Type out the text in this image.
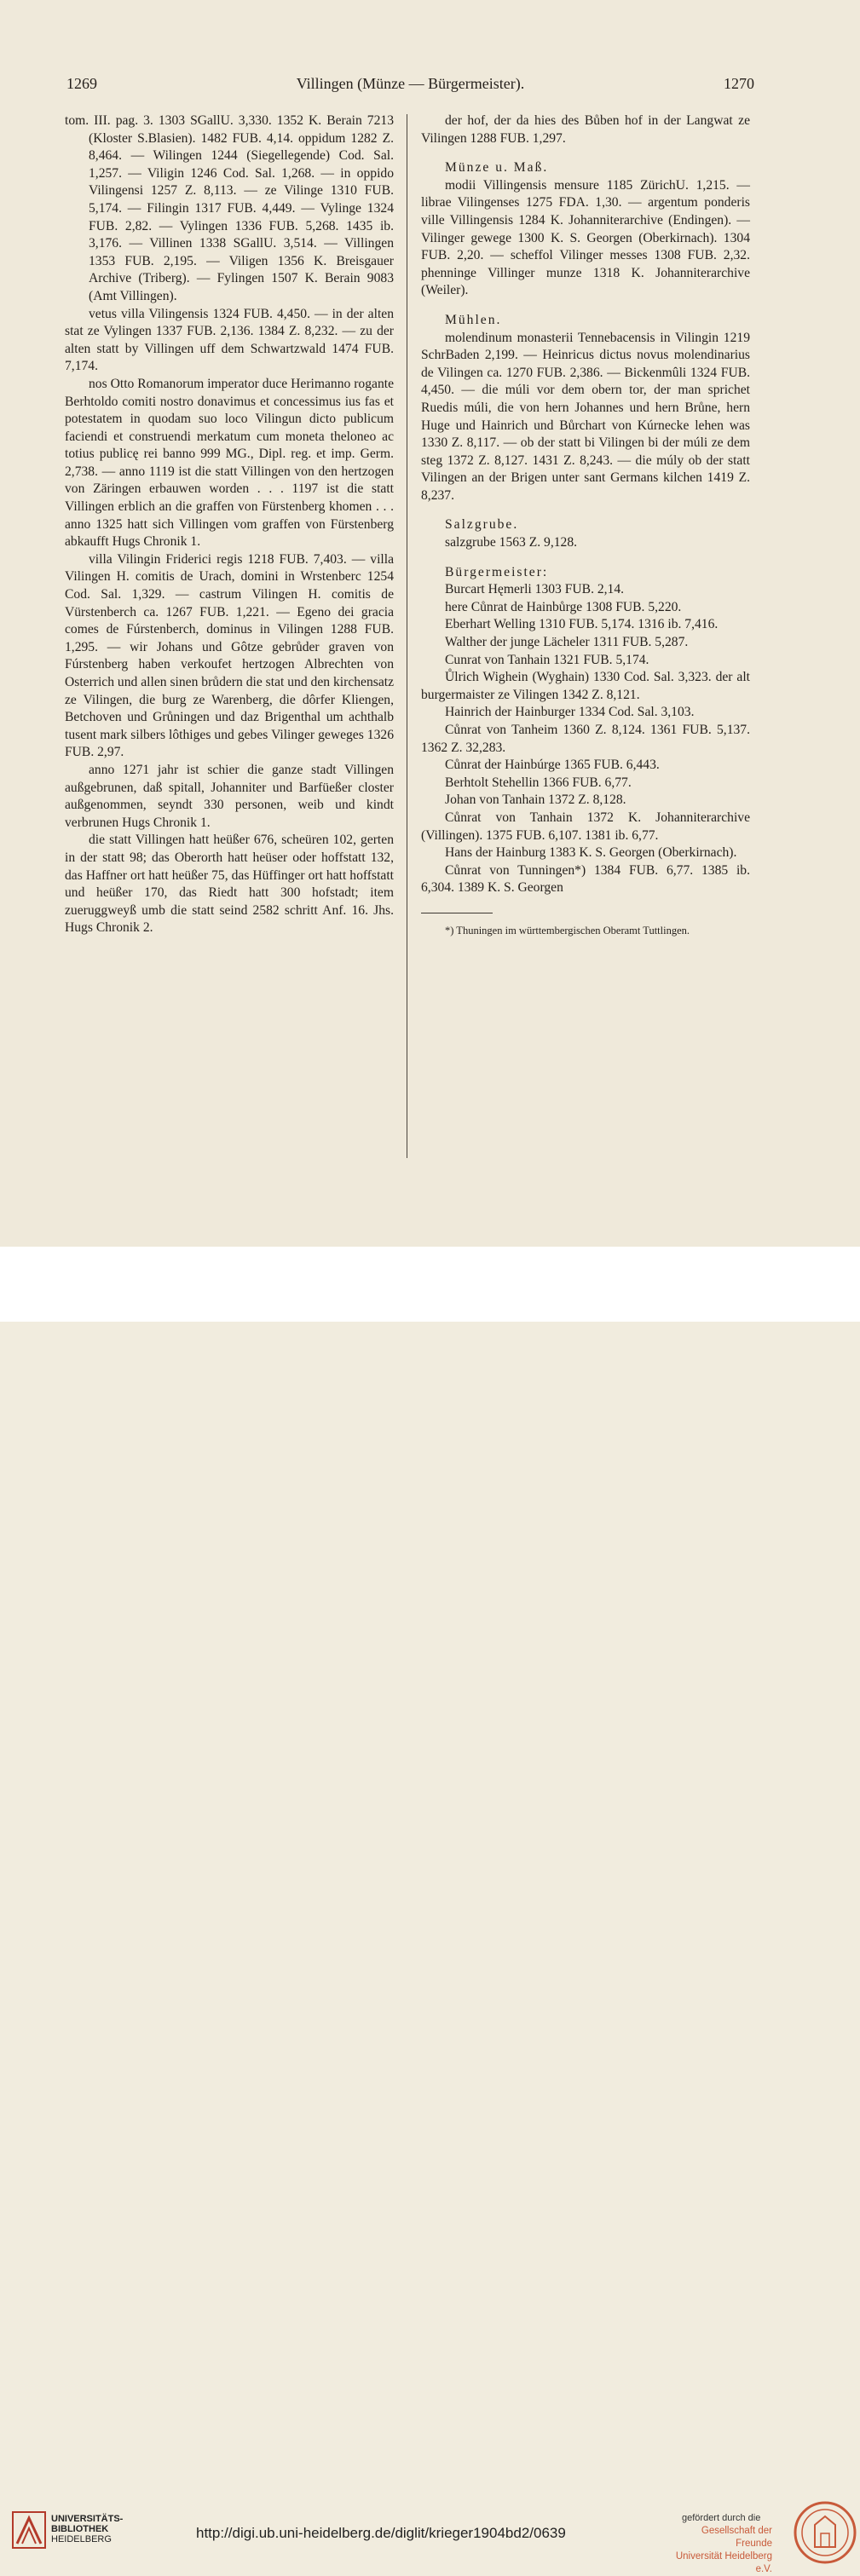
1269	Villingen (Münze — Bürgermeister).	1270

tom. III. pag. 3. 1303 SGallU. 3,330. 1352 K. Berain 7213 (Kloster S.Blasien). 1482 FUB. 4,14. oppidum 1282 Z. 8,464. — Wilingen 1244 (Siegellegende) Cod. Sal. 1,257. — Viligin 1246 Cod. Sal. 1,268. — in oppido Vilingensi 1257 Z. 8,113. — ze Vilinge 1310 FUB. 5,174. — Filingin 1317 FUB. 4,449. — Vylinge 1324 FUB. 2,82. — Vylingen 1336 FUB. 5,268. 1435 ib. 3,176. — Villinen 1338 SGallU. 3,514. — Villingen 1353 FUB. 2,195. — Viligen 1356 K. Breisgauer Archive (Triberg). — Fylingen 1507 K. Berain 9083 (Amt Villingen).

vetus villa Vilingensis 1324 FUB. 4,450. — in der alten stat ze Vylingen 1337 FUB. 2,136. 1384 Z. 8,232. — zu der alten statt by Villingen uff dem Schwartzwald 1474 FUB. 7,174.

nos Otto Romanorum imperator duce Herimanno rogante Berhtoldo comiti nostro donavimus et concessimus ius fas et potestatem in quodam suo loco Vilingun dicto publicum faciendi et construendi merkatum cum moneta theloneo ac totius publicę rei banno 999 MG., Dipl. reg. et imp. Germ. 2,738. — anno 1119 ist die statt Villingen von den hertzogen von Zäringen erbauwen worden . . . 1197 ist die statt Villingen erblich an die graffen von Fürstenberg khomen . . . anno 1325 hatt sich Villingen vom graffen von Fürstenberg abkaufft Hugs Chronik 1.

villa Vilingin Friderici regis 1218 FUB. 7,403. — villa Vilingen H. comitis de Urach, domini in Wrstenberc 1254 Cod. Sal. 1,329. — castrum Vilingen H. comitis de Vürstenberch ca. 1267 FUB. 1,221. — Egeno dei gracia comes de Fúrstenberch, dominus in Vilingen 1288 FUB. 1,295. — wir Johans und Gôtze gebrůder graven von Fúrstenberg haben verkoufet hertzogen Albrechten von Osterrich und allen sinen brůdern die stat und den kirchensatz ze Vilingen, die burg ze Warenberg, die dôrfer Kliengen, Betchoven und Grůningen und daz Brigenthal um achthalb tusent mark silbers lôthiges und gebes Vilinger geweges 1326 FUB. 2,97.

anno 1271 jahr ist schier die ganze stadt Villingen außgebrunen, daß spitall, Johanniter und Barfüeßer closter außgenommen, seyndt 330 personen, weib und kindt verbrunen Hugs Chronik 1.

die statt Villingen hatt heüßer 676, scheüren 102, gerten in der statt 98; das Oberorth hatt heüser oder hoffstatt 132, das Haffner ort hatt heüßer 75, das Hüffinger ort hatt hoffstatt und heüßer 170, das Riedt hatt 300 hofstadt; item zueruggweyß umb die statt seind 2582 schritt Anf. 16. Jhs. Hugs Chronik 2.

der hof, der da hies des Bůben hof in der Langwat ze Vilingen 1288 FUB. 1,297.

Münze u. Maß.

modii Villingensis mensure 1185 ZürichU. 1,215. — librae Vilingenses 1275 FDA. 1,30. — argentum ponderis ville Villingensis 1284 K. Johanniterarchive (Endingen). — Vilinger gewege 1300 K. S. Georgen (Oberkirnach). 1304 FUB. 2,20. — scheffol Vilinger messes 1308 FUB. 2,32. phenninge Villinger munze 1318 K. Johanniterarchive (Weiler).

Mühlen.

molendinum monasterii Tennebacensis in Vilingin 1219 SchrBaden 2,199. — Heinricus dictus novus molendinarius de Vilingen ca. 1270 FUB. 2,386. — Bickenmûli 1324 FUB. 4,450. — die múli vor dem obern tor, der man sprichet Ruedis múli, die von hern Johannes und hern Brůne, hern Huge und Hainrich und Bůrchart von Kúrnecke lehen was 1330 Z. 8,117. — ob der statt bi Vilingen bi der múli ze dem steg 1372 Z. 8,127. 1431 Z. 8,243. — die múly ob der statt Vilingen an der Brigen unter sant Germans kilchen 1419 Z. 8,237.

Salzgrube.

salzgrube 1563 Z. 9,128.

Bürgermeister:

Burcart Hęmerli 1303 FUB. 2,14.

here Cůnrat de Hainbůrge 1308 FUB. 5,220.

Eberhart Welling 1310 FUB. 5,174. 1316 ib. 7,416.

Walther der junge Lächeler 1311 FUB. 5,287.

Cunrat von Tanhain 1321 FUB. 5,174.

Ůlrich Wighein (Wyghain) 1330 Cod. Sal. 3,323. der alt burgermaister ze Vilingen 1342 Z. 8,121.

Hainrich der Hainburger 1334 Cod. Sal. 3,103.

Cůnrat von Tanheim 1360 Z. 8,124. 1361 FUB. 5,137. 1362 Z. 32,283.

Cůnrat der Hainbúrge 1365 FUB. 6,443.

Berhtolt Stehellin 1366 FUB. 6,77.

Johan von Tanhain 1372 Z. 8,128.

Cůnrat von Tanhain 1372 K. Johanniterarchive (Villingen). 1375 FUB. 6,107. 1381 ib. 6,77.

Hans der Hainburg 1383 K. S. Georgen (Oberkirnach).

Cůnrat von Tunningen*) 1384 FUB. 6,77. 1385 ib. 6,304. 1389 K. S. Georgen

*) Thuningen im württembergischen Oberamt Tuttlingen.

UNIVERSITÄTS-
BIBLIOTHEK
HEIDELBERG	http://digi.ub.uni-heidelberg.de/diglit/krieger1904bd2/0639
gefördert durch die
Gesellschaft der Freunde
Universität Heidelberg e.V.
